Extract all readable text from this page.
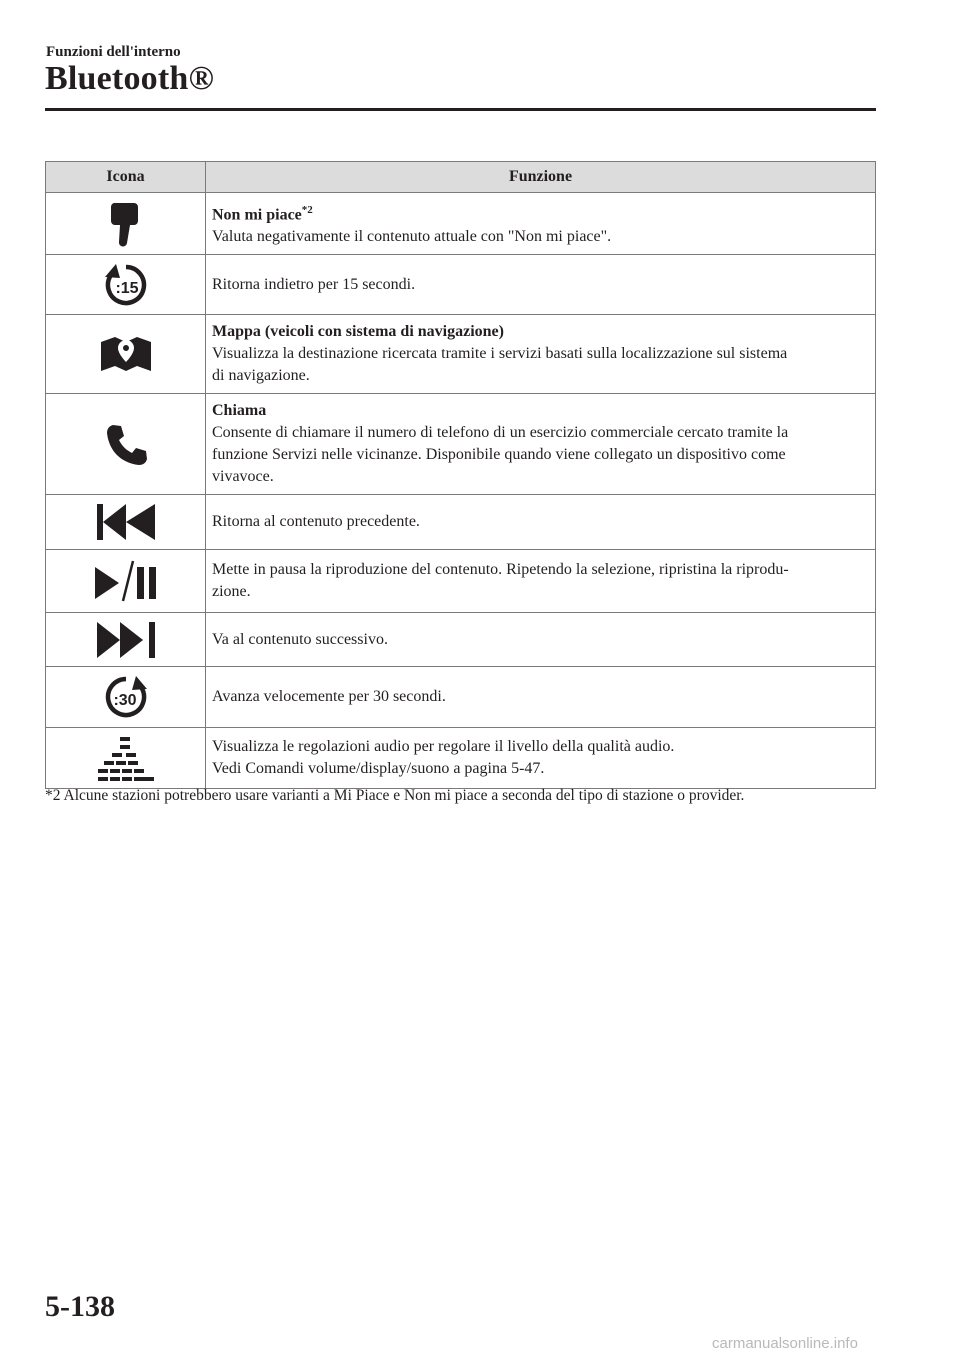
Funzioni dell'interno
Bluetooth®
Icona	Funzione

Non mi piace$^{*2}$
Valuta negativamente il contenuto attuale con "Non mi piace".

:15	Ritorna indietro per 15 secondi.

Mappa (veicoli con sistema di navigazione)
Visualizza la destinazione ricercata tramite i servizi basati sulla localizzazione sul sistema
di navigazione.

Chiama
Consente di chiamare il numero di telefono di un esercizio commerciale cercato tramite la
funzione Servizi nelle vicinanze. Disponibile quando viene collegato un dispositivo come
vivavoce.

Ritorna al contenuto precedente.

Mette in pausa la riproduzione del contenuto. Ripetendo la selezione, ripristina la riprodu-
zione.

Va al contenuto successivo.

:30	Avanza velocemente per 30 secondi.

Visualizza le regolazioni audio per regolare il livello della qualità audio.
Vedi Comandi volume/display/suono a pagina 5-47.
*2 Alcune stazioni potrebbero usare varianti a Mi Piace e Non mi piace a seconda del tipo di stazione o provider.
5-138
carmanualsonline.info
